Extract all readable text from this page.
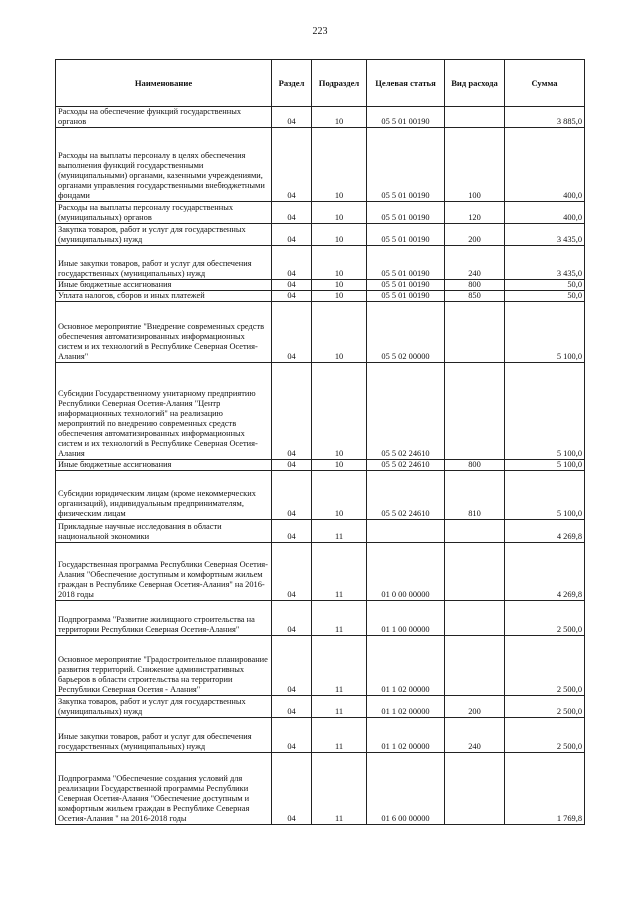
223
Наименование	Раздел	Подраздел	Целевая статья	Вид расхода	Сумма
Расходы на обеспечение функций государственных органов	04	10	05 5 01 00190		3 885,0
Расходы на выплаты персоналу в целях обеспечения выполнения функций государственными (муниципальными) органами, казенными учреждениями, органами управления государственными внебюджетными фондами	04	10	05 5 01 00190	100	400,0
Расходы на выплаты персоналу государственных (муниципальных) органов	04	10	05 5 01 00190	120	400,0
Закупка товаров, работ и услуг для государственных (муниципальных) нужд	04	10	05 5 01 00190	200	3 435,0
Иные закупки товаров, работ и услуг для обеспечения государственных (муниципальных) нужд	04	10	05 5 01 00190	240	3 435,0
Иные бюджетные ассигнования	04	10	05 5 01 00190	800	50,0
Уплата налогов, сборов и иных платежей	04	10	05 5 01 00190	850	50,0
Основное мероприятие "Внедрение современных средств обеспечения автоматизированных информационных систем и их технологий в Республике Северная Осетия-Алания"	04	10	05 5 02 00000		5 100,0
Субсидии Государственному унитарному предприятию Республики Северная Осетия-Алания "Центр информационных технологий" на реализацию мероприятий по внедрению современных средств обеспечения автоматизированных информационных систем и их технологий в Республике Северная Осетия-Алания	04	10	05 5 02 24610		5 100,0
Иные бюджетные ассигнования	04	10	05 5 02 24610	800	5 100,0
Субсидии юридическим лицам (кроме некоммерческих организаций), индивидуальным предпринимателям, физическим лицам	04	10	05 5 02 24610	810	5 100,0
Прикладные научные исследования в области национальной экономики	04	11			4 269,8
Государственная программа Республики Северная Осетия-Алания "Обеспечение доступным и комфортным жильем граждан в Республике Северная Осетия-Алания" на 2016-2018 годы	04	11	01 0 00 00000		4 269,8
Подпрограмма "Развитие жилищного строительства на территории Республики Северная Осетия-Алания"	04	11	01 1 00 00000		2 500,0
Основное мероприятие "Градостроительное планирование развития территорий. Снижение административных барьеров в области строительства на территории Республики Северная Осетия - Алания"	04	11	01 1 02 00000		2 500,0
Закупка товаров, работ и услуг для государственных (муниципальных) нужд	04	11	01 1 02 00000	200	2 500,0
Иные закупки товаров, работ и услуг для обеспечения государственных (муниципальных) нужд	04	11	01 1 02 00000	240	2 500,0
Подпрограмма "Обеспечение создания условий для реализации Государственной программы Республики Северная Осетия-Алания "Обеспечение доступным и комфортным жильем граждан в Республике Северная Осетия-Алания " на 2016-2018 годы	04	11	01 6 00 00000		1 769,8
